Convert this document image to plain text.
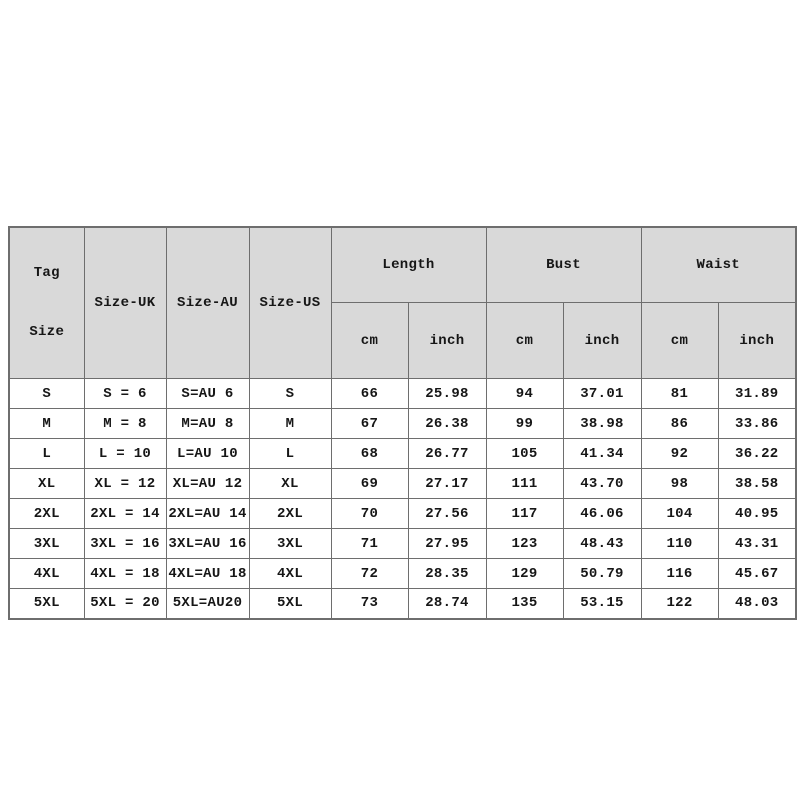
Tag

Size	Size-UK	Size-AU	Size-US	Length		Bust		Waist	
				cm	inch	cm	inch	cm	inch
S	S = 6	S=AU 6	S	66	25.98	94	37.01	81	31.89
M	M = 8	M=AU 8	M	67	26.38	99	38.98	86	33.86
L	L = 10	L=AU 10	L	68	26.77	105	41.34	92	36.22
XL	XL = 12	XL=AU 12	XL	69	27.17	111	43.70	98	38.58
2XL	2XL = 14	2XL=AU 14	2XL	70	27.56	117	46.06	104	40.95
3XL	3XL = 16	3XL=AU 16	3XL	71	27.95	123	48.43	110	43.31
4XL	4XL = 18	4XL=AU 18	4XL	72	28.35	129	50.79	116	45.67
5XL	5XL = 20	5XL=AU20	5XL	73	28.74	135	53.15	122	48.03
